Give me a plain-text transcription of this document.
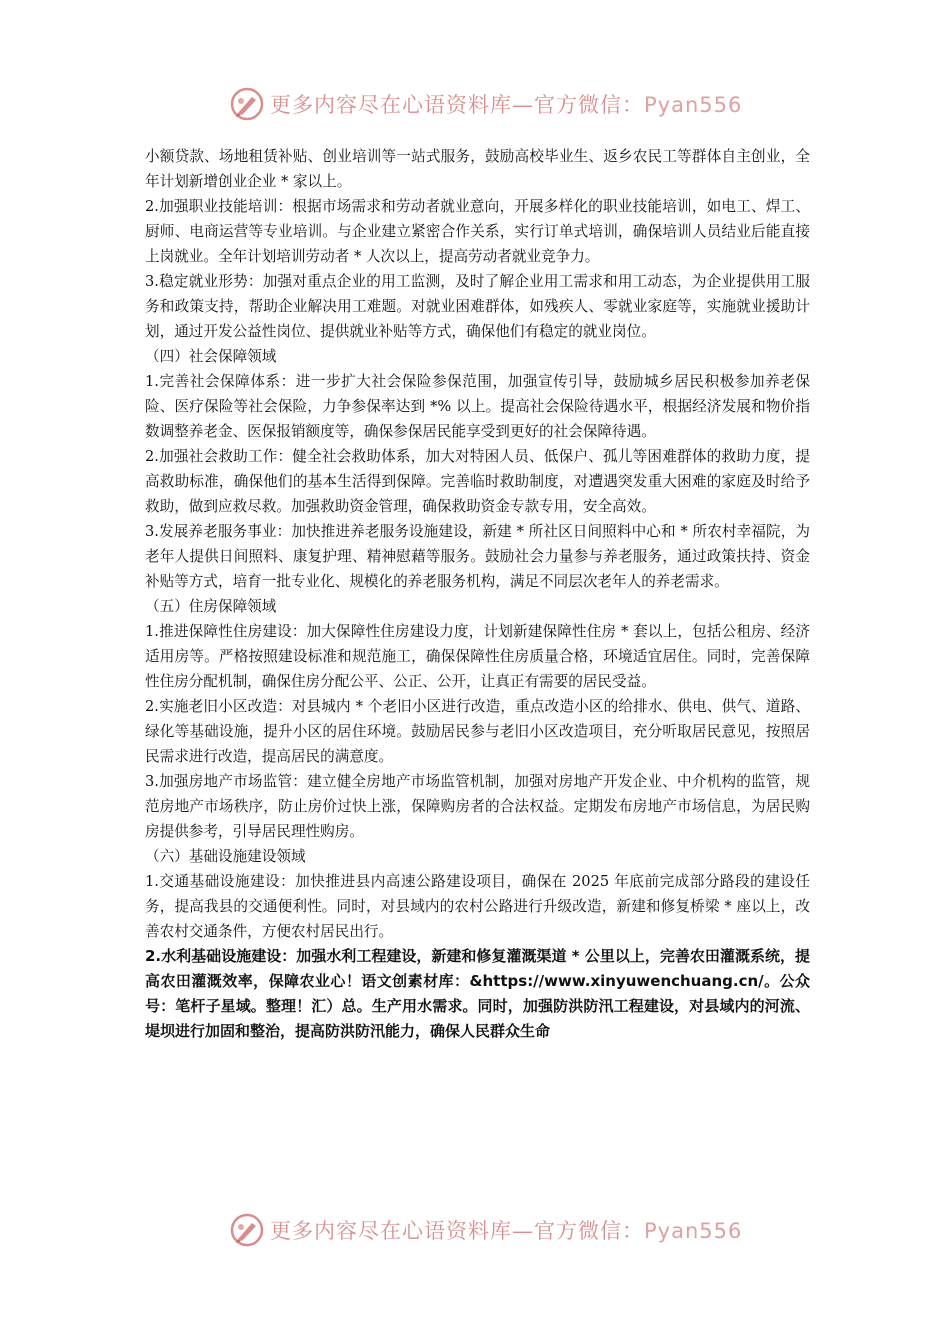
更多内容尽在心语资料库—官方微信：Pyan556

小额贷款、场地租赁补贴、创业培训等一站式服务，鼓励高校毕业生、返乡农民工等群体自主创业，全年计划新增创业企业 * 家以上。

2.加强职业技能培训：根据市场需求和劳动者就业意向，开展多样化的职业技能培训，如电工、焊工、厨师、电商运营等专业培训。与企业建立紧密合作关系，实行订单式培训，确保培训人员结业后能直接上岗就业。全年计划培训劳动者 * 人次以上，提高劳动者就业竞争力。

3.稳定就业形势：加强对重点企业的用工监测，及时了解企业用工需求和用工动态，为企业提供用工服务和政策支持，帮助企业解决用工难题。对就业困难群体，如残疾人、零就业家庭等，实施就业援助计划，通过开发公益性岗位、提供就业补贴等方式，确保他们有稳定的就业岗位。

（四）社会保障领域

1.完善社会保障体系：进一步扩大社会保险参保范围，加强宣传引导，鼓励城乡居民积极参加养老保险、医疗保险等社会保险，力争参保率达到 *% 以上。提高社会保险待遇水平，根据经济发展和物价指数调整养老金、医保报销额度等，确保参保居民能享受到更好的社会保障待遇。

2.加强社会救助工作：健全社会救助体系，加大对特困人员、低保户、孤儿等困难群体的救助力度，提高救助标准，确保他们的基本生活得到保障。完善临时救助制度，对遭遇突发重大困难的家庭及时给予救助，做到应救尽救。加强救助资金管理，确保救助资金专款专用，安全高效。

3.发展养老服务事业：加快推进养老服务设施建设，新建 * 所社区日间照料中心和 * 所农村幸福院，为老年人提供日间照料、康复护理、精神慰藉等服务。鼓励社会力量参与养老服务，通过政策扶持、资金补贴等方式，培育一批专业化、规模化的养老服务机构，满足不同层次老年人的养老需求。

（五）住房保障领域

1.推进保障性住房建设：加大保障性住房建设力度，计划新建保障性住房 * 套以上，包括公租房、经济适用房等。严格按照建设标准和规范施工，确保保障性住房质量合格，环境适宜居住。同时，完善保障性住房分配机制，确保住房分配公平、公正、公开，让真正有需要的居民受益。

2.实施老旧小区改造：对县城内 * 个老旧小区进行改造，重点改造小区的给排水、供电、供气、道路、绿化等基础设施，提升小区的居住环境。鼓励居民参与老旧小区改造项目，充分听取居民意见，按照居民需求进行改造，提高居民的满意度。

3.加强房地产市场监管：建立健全房地产市场监管机制，加强对房地产开发企业、中介机构的监管，规范房地产市场秩序，防止房价过快上涨，保障购房者的合法权益。定期发布房地产市场信息，为居民购房提供参考，引导居民理性购房。

（六）基础设施建设领域

1.交通基础设施建设：加快推进县内高速公路建设项目，确保在 2025 年底前完成部分路段的建设任务，提高我县的交通便利性。同时，对县域内的农村公路进行升级改造，新建和修复桥梁 * 座以上，改善农村交通条件，方便农村居民出行。

2.水利基础设施建设：加强水利工程建设，新建和修复灌溉渠道 * 公里以上，完善农田灌溉系统，提高农田灌溉效率，保障农业心！语文创素材库：&https://www.xinyuwenchuang.cn/。公众号：笔杆子星域。整理！汇）总。生产用水需求。同时，加强防洪防汛工程建设，对县域内的河流、堤坝进行加固和整治，提高防洪防汛能力，确保人民群众生命

更多内容尽在心语资料库—官方微信：Pyan556
